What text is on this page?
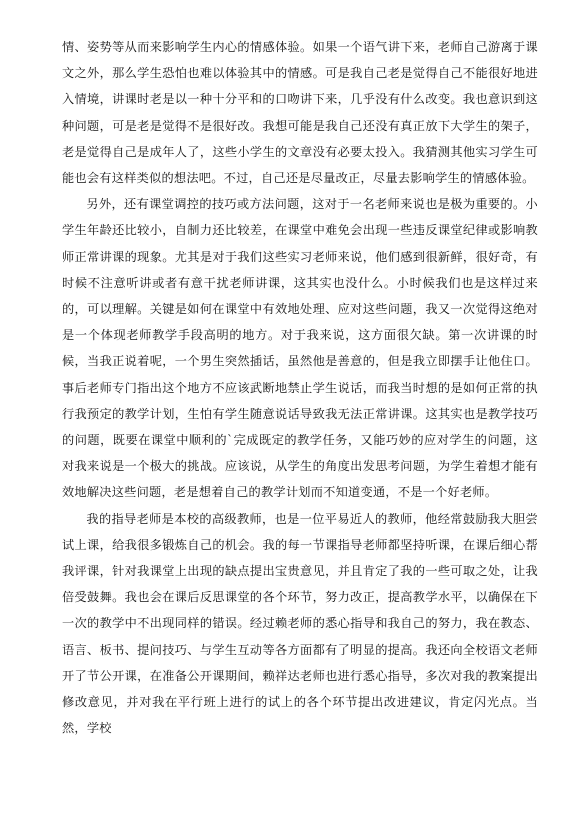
情、姿势等从而来影响学生内心的情感体验。如果一个语气讲下来，老师自己游离于课文之外，那么学生恐怕也难以体验其中的情感。可是我自己老是觉得自己不能很好地进入情境，讲课时老是以一种十分平和的口吻讲下来，几乎没有什么改变。我也意识到这种问题，可是老是觉得不是很好改。我想可能是我自己还没有真正放下大学生的架子，老是觉得自己是成年人了，这些小学生的文章没有必要太投入。我猜测其他实习学生可能也会有这样类似的想法吧。不过，自己还是尽量改正，尽量去影响学生的情感体验。

另外，还有课堂调控的技巧或方法问题，这对于一名老师来说也是极为重要的。小学生年龄还比较小，自制力还比较差，在课堂中难免会出现一些违反课堂纪律或影响教师正常讲课的现象。尤其是对于我们这些实习老师来说，他们感到很新鲜，很好奇，有时候不注意听讲或者有意干扰老师讲课，这其实也没什么。小时候我们也是这样过来的，可以理解。关键是如何在课堂中有效地处理、应对这些问题，我又一次觉得这绝对是一个体现老师教学手段高明的地方。对于我来说，这方面很欠缺。第一次讲课的时候，当我正说着呢，一个男生突然插话，虽然他是善意的，但是我立即摆手让他住口。事后老师专门指出这个地方不应该武断地禁止学生说话，而我当时想的是如何正常的执行我预定的教学计划，生怕有学生随意说话导致我无法正常讲课。这其实也是教学技巧的问题，既要在课堂中顺利的`完成既定的教学任务，又能巧妙的应对学生的问题，这对我来说是一个极大的挑战。应该说，从学生的角度出发思考问题，为学生着想才能有效地解决这些问题，老是想着自己的教学计划而不知道变通，不是一个好老师。

我的指导老师是本校的高级教师，也是一位平易近人的教师，他经常鼓励我大胆尝试上课，给我很多锻炼自己的机会。我的每一节课指导老师都坚持听课，在课后细心帮我评课，针对我课堂上出现的缺点提出宝贵意见，并且肯定了我的一些可取之处，让我倍受鼓舞。我也会在课后反思课堂的各个环节，努力改正，提高教学水平，以确保在下一次的教学中不出现同样的错误。经过赖老师的悉心指导和我自己的努力，我在教态、语言、板书、提问技巧、与学生互动等各方面都有了明显的提高。我还向全校语文老师开了节公开课，在准备公开课期间，赖祥达老师也进行悉心指导，多次对我的教案提出修改意见，并对我在平行班上进行的试上的各个环节提出改进建议，肯定闪光点。当然，学校
